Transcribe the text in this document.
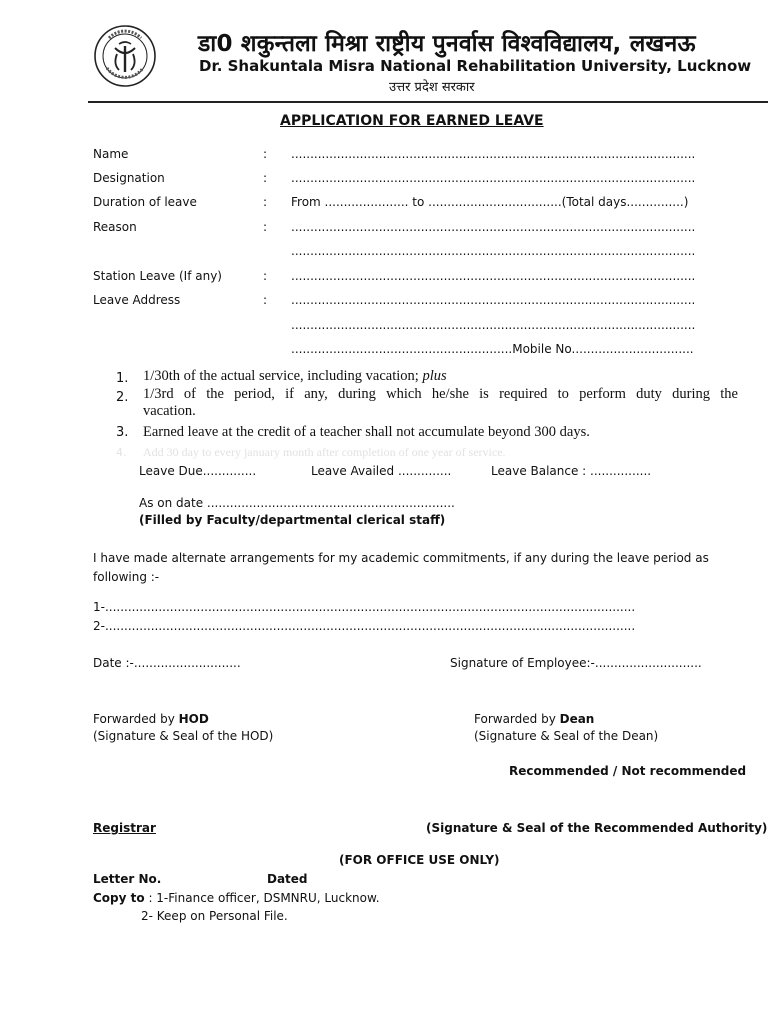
डा0 शकुन्तला मिश्रा राष्ट्रीय पुनर्वास विश्वविद्यालय, लखनऊ
Dr. Shakuntala Misra National Rehabilitation University, Lucknow
उत्तर प्रदेश सरकार
APPLICATION FOR EARNED LEAVE
Name	: ..........................................................................................................
Designation	: ..........................................................................................................
Duration of leave	: From ...................... to ...................................(Total days...............)
Reason	: ..........................................................................................................
..........................................................................................................
Station Leave (If any)	: ..........................................................................................................
Leave Address	: ..........................................................................................................
..........................................................................................................
..........................................................Mobile No................................
1. 1/30th of the actual service, including vacation; plus
2. 1/3rd of the period, if any, during which he/she is required to perform duty during the
vacation.
3. Earned leave at the credit of a teacher shall not accumulate beyond 300 days.
4. Add 30 day to every january month after completion of one year of service.
Leave Due..............	Leave Availed ..............	Leave Balance : ................
As on date .................................................................
(Filled by Faculty/departmental clerical staff)
I have made alternate arrangements for my academic commitments, if any during the leave period as
following :-
1-...........................................................................................................................................
2-...........................................................................................................................................
Date :-............................	Signature of Employee:-............................
Forwarded by HOD
(Signature & Seal of the HOD)
Forwarded by Dean
(Signature & Seal of the Dean)
Recommended / Not recommended
Registrar	(Signature & Seal of the Recommended Authority)
(FOR OFFICE USE ONLY)
Letter No.	Dated
Copy to : 1-Finance officer, DSMNRU, Lucknow.
2- Keep on Personal File.
